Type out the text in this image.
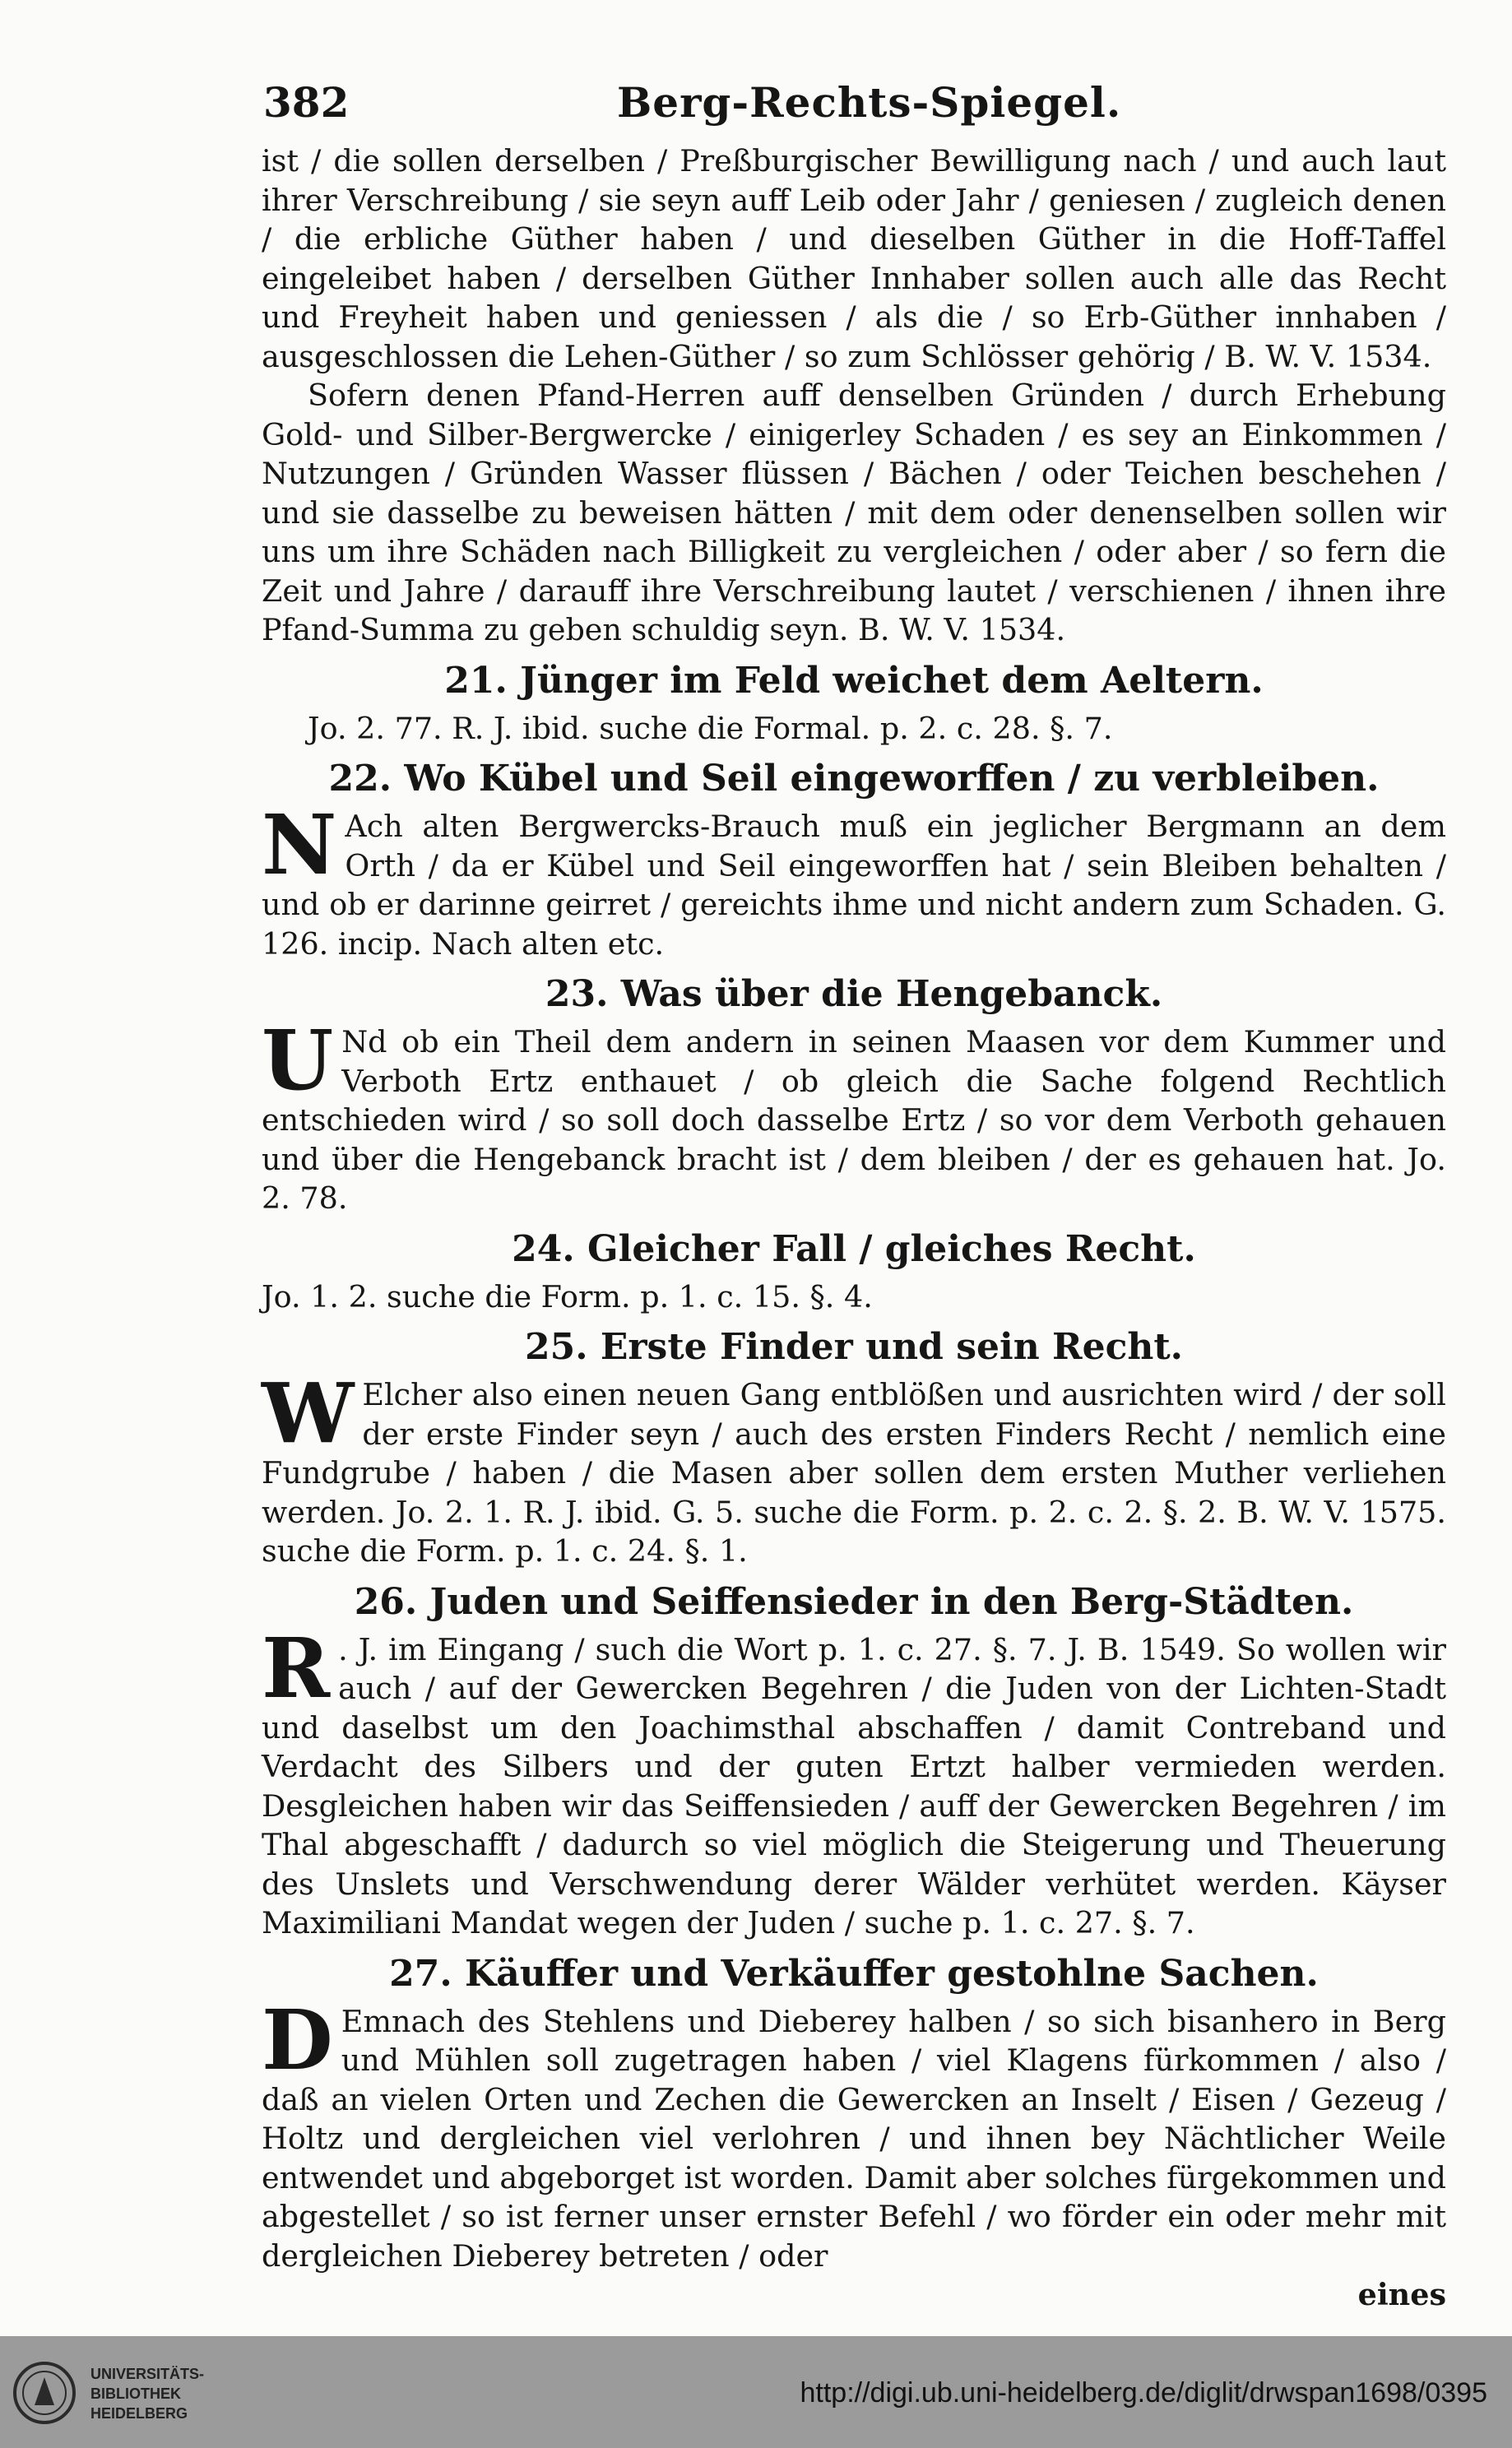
382	Berg-Rechts-Spiegel.

ist / die sollen derselben / Preßburgischer Bewilligung nach / und auch laut ihrer Verschreibung / sie seyn auff Leib oder Jahr / geniesen / zugleich denen / die erbliche Güther haben / und dieselben Güther in die Hoff-Taffel eingeleibet haben / derselben Güther Innhaber sollen auch alle das Recht und Freyheit haben und geniessen / als die / so Erb-Güther innhaben / ausgeschlossen die Lehen-Güther / so zum Schlösser gehörig / B. W. V. 1534.

Sofern denen Pfand-Herren auff denselben Gründen / durch Erhebung Gold- und Silber-Bergwercke / einigerley Schaden / es sey an Einkommen / Nutzungen / Gründen Wasser flüssen / Bächen / oder Teichen beschehen / und sie dasselbe zu beweisen hätten / mit dem oder denenselben sollen wir uns um ihre Schäden nach Billigkeit zu vergleichen / oder aber / so fern die Zeit und Jahre / darauff ihre Verschreibung lautet / verschienen / ihnen ihre Pfand-Summa zu geben schuldig seyn. B. W. V. 1534.

21. Jünger im Feld weichet dem Aeltern.

Jo. 2. 77. R. J. ibid. suche die Formal. p. 2. c. 28. §. 7.

22. Wo Kübel und Seil eingeworffen / zu verbleiben.

N Ach alten Bergwercks-Brauch muß ein jeglicher Bergmann an dem Orth / da er Kübel und Seil eingeworffen hat / sein Bleiben behalten / und ob er darinne geirret / gereichts ihme und nicht andern zum Schaden. G. 126. incip. Nach alten etc.

23. Was über die Hengebanck.

U Nd ob ein Theil dem andern in seinen Maasen vor dem Kummer und Verboth Ertz enthauet / ob gleich die Sache folgend Rechtlich entschieden wird / so soll doch dasselbe Ertz / so vor dem Verboth gehauen und über die Hengebanck bracht ist / dem bleiben / der es gehauen hat. Jo. 2. 78.

24. Gleicher Fall / gleiches Recht.

Jo. 1. 2. suche die Form. p. 1. c. 15. §. 4.

25. Erste Finder und sein Recht.

W Elcher also einen neuen Gang entblößen und ausrichten wird / der soll der erste Finder seyn / auch des ersten Finders Recht / nemlich eine Fundgrube / haben / die Masen aber sollen dem ersten Muther verliehen werden. Jo. 2. 1. R. J. ibid. G. 5. suche die Form. p. 2. c. 2. §. 2. B. W. V. 1575. suche die Form. p. 1. c. 24. §. 1.

26. Juden und Seiffensieder in den Berg-Städten.

R . J. im Eingang / such die Wort p. 1. c. 27. §. 7. J. B. 1549. So wollen wir auch / auf der Gewercken Begehren / die Juden von der Lichten-Stadt und daselbst um den Joachimsthal abschaffen / damit Contreband und Verdacht des Silbers und der guten Ertzt halber vermieden werden. Desgleichen haben wir das Seiffensieden / auff der Gewercken Begehren / im Thal abgeschafft / dadurch so viel möglich die Steigerung und Theuerung des Unslets und Verschwendung derer Wälder verhütet werden. Käyser Maximiliani Mandat wegen der Juden / suche p. 1. c. 27. §. 7.

27. Käuffer und Verkäuffer gestohlne Sachen.

D Emnach des Stehlens und Dieberey halben / so sich bisanhero in Berg und Mühlen soll zugetragen haben / viel Klagens fürkommen / also / daß an vielen Orten und Zechen die Gewercken an Inselt / Eisen / Gezeug / Holtz und dergleichen viel verlohren / und ihnen bey Nächtlicher Weile entwendet und abgeborget ist worden. Damit aber solches fürgekommen und abgestellet / so ist ferner unser ernster Befehl / wo förder ein oder mehr mit dergleichen Dieberey betreten / oder

eines
UNIVERSITÄTS-
BIBLIOTHEK
HEIDELBERG
http://digi.ub.uni-heidelberg.de/diglit/drwspan1698/0395
